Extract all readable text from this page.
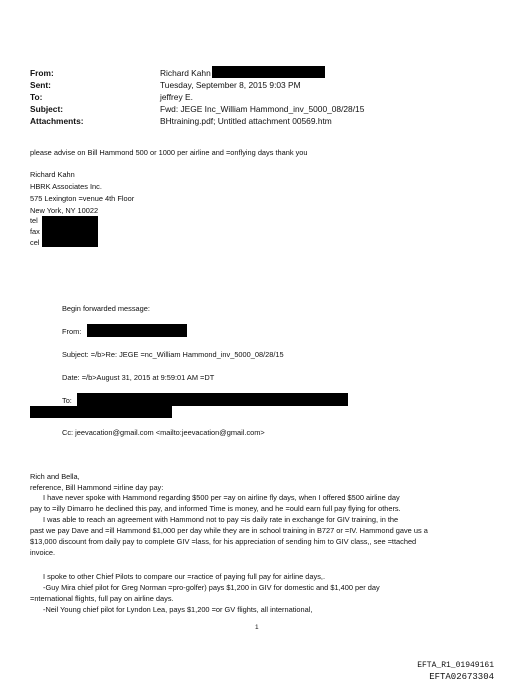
From:	Richard Kahn
Sent:	Tuesday, September 8, 2015 9:03 PM
To:	jeffrey E.
Subject:	Fwd: JEGE Inc_William Hammond_inv_5000_08/28/15
Attachments:	BHtraining.pdf; Untitled attachment 00569.htm
please advise on Bill Hammond 500 or 1000 per airline and =onflying days thank you
Richard Kahn
HBRK Associates Inc.
575 Lexington =venue 4th Floor
New York, NY 10022
tel
fax
cel
Begin forwarded message:
From:
Subject: =/b>Re: JEGE =nc_William Hammond_inv_5000_08/28/15
Date: =/b>August 31, 2015 at 9:59:01 AM =DT
To:
Cc: jeevacation@gmail.com <mailto:jeevacation@gmail.com>
Rich and Bella,
reference, Bill Hammond =irline day pay:
I have never spoke with Hammond regarding $500 per =ay on airline fly days, when I offered $500 airline day
pay to =illy Dimarro he declined this pay, and informed Time is money, and he =ould earn full pay flying for others.
I was able to reach an agreement with Hammond not to pay =is daily rate in exchange for GIV training, in the
past we pay Dave and =ill Hammond $1,000 per day while they are in school training in B727 or =IV. Hammond gave us a
$13,000 discount from daily pay to complete GIV =lass, for his appreciation of sending him to GIV class,, see =ttached
invoice.
I spoke to other Chief Pilots to compare our =ractice of paying full pay for airline days,.
-Guy Mira chief pilot for Greg Norman =pro-golfer) pays $1,200 in GIV for domestic and $1,400 per day
=nternational flights, full pay on airline days.
-Neil Young chief pilot for Lyndon Lea, pays $1,200 =or GV flights, all international,
1
EFTA_R1_01949161
EFTA02673304
